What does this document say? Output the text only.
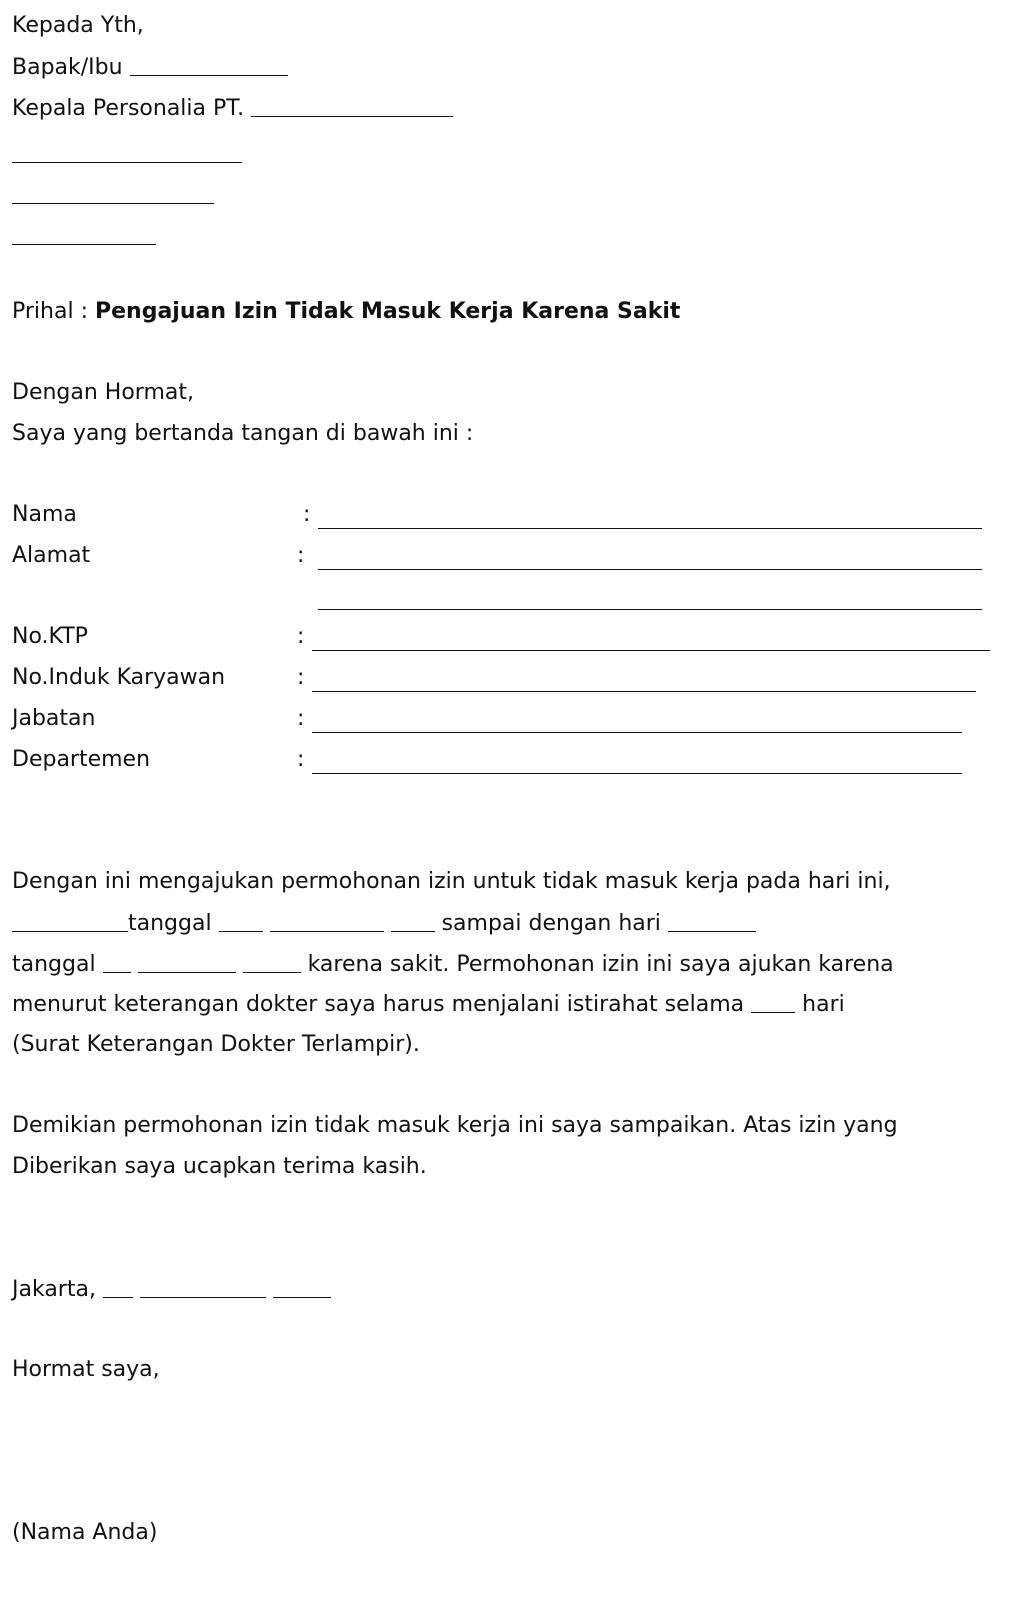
Kepada Yth,
Bapak/Ibu
Kepala Personalia PT.
Prihal : Pengajuan Izin Tidak Masuk Kerja Karena Sakit
Dengan Hormat,
Saya yang bertanda tangan di bawah ini :
Nama	:
Alamat	:
No.KTP	:
No.Induk Karyawan	:
Jabatan	:
Departemen	:
Dengan ini mengajukan permohonan izin untuk tidak masuk kerja pada hari ini,
tanggal	sampai dengan hari
tanggal	karena sakit. Permohonan izin ini saya ajukan karena
menurut keterangan dokter saya harus menjalani istirahat selama	hari
(Surat Keterangan Dokter Terlampir).
Demikian permohonan izin tidak masuk kerja ini saya sampaikan. Atas izin yang
Diberikan saya ucapkan terima kasih.
Jakarta,
Hormat saya,
(Nama Anda)
